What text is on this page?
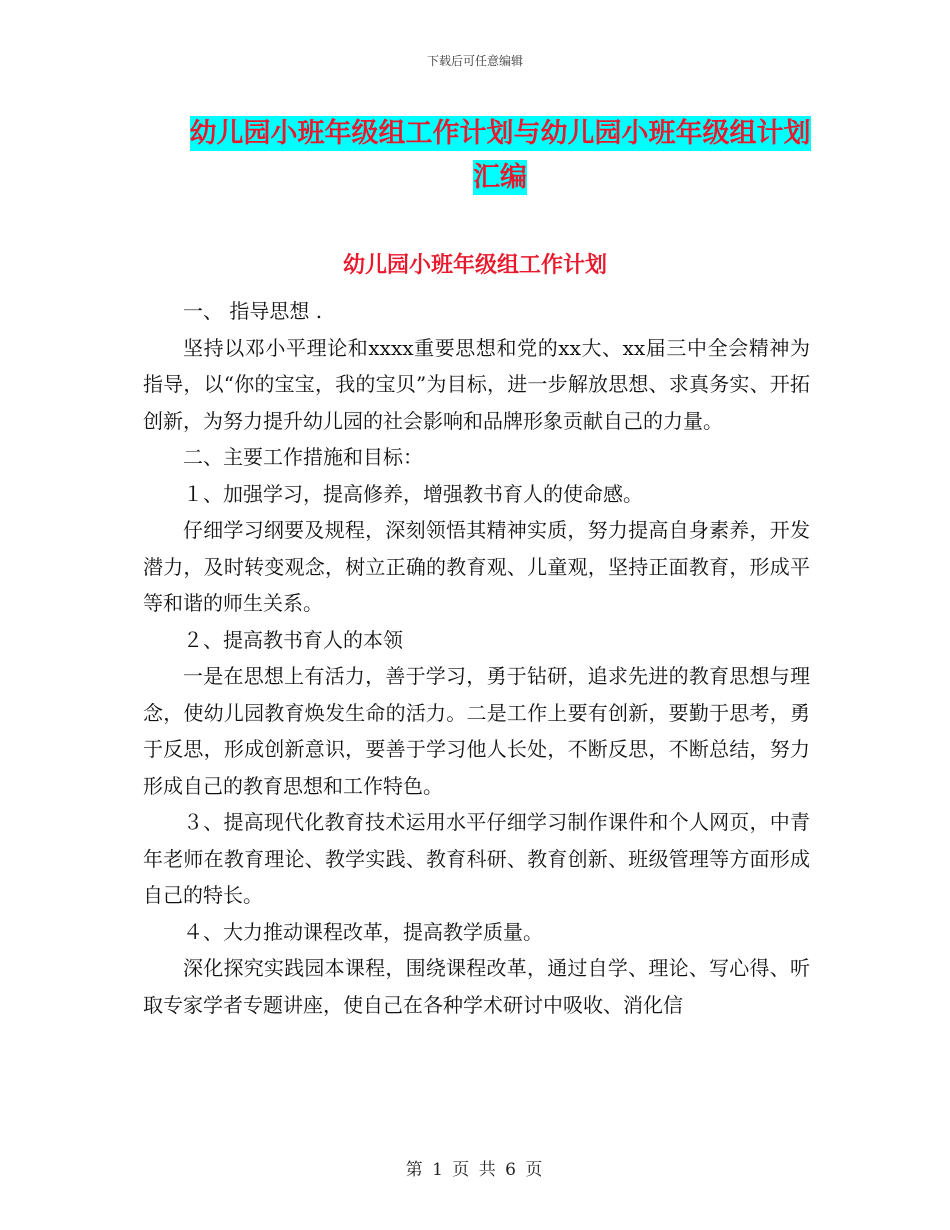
下载后可任意编辑
幼儿园小班年级组工作计划与幼儿园小班年级组计划
汇编
幼儿园小班年级组工作计划

一、 指导思想 .

坚持以邓小平理论和xxxx重要思想和党的xx大、xx届三中全会精神为指导，以“你的宝宝，我的宝贝”为目标，进一步解放思想、求真务实、开拓创新，为努力提升幼儿园的社会影响和品牌形象贡献自己的力量。

二、主要工作措施和目标：

１、加强学习，提高修养，增强教书育人的使命感。

仔细学习纲要及规程，深刻领悟其精神实质，努力提高自身素养，开发潜力，及时转变观念，树立正确的教育观、儿童观，坚持正面教育，形成平等和谐的师生关系。

２、提高教书育人的本领

一是在思想上有活力，善于学习，勇于钻研，追求先进的教育思想与理念，使幼儿园教育焕发生命的活力。二是工作上要有创新，要勤于思考，勇于反思，形成创新意识，要善于学习他人长处，不断反思，不断总结，努力形成自己的教育思想和工作特色。

３、提高现代化教育技术运用水平仔细学习制作课件和个人网页，中青年老师在教育理论、教学实践、教育科研、教育创新、班级管理等方面形成自己的特长。

４、大力推动课程改革，提高教学质量。

深化探究实践园本课程，围绕课程改革，通过自学、理论、写心得、听取专家学者专题讲座，使自己在各种学术研讨中吸收、消化信

第 1 页 共 6 页
